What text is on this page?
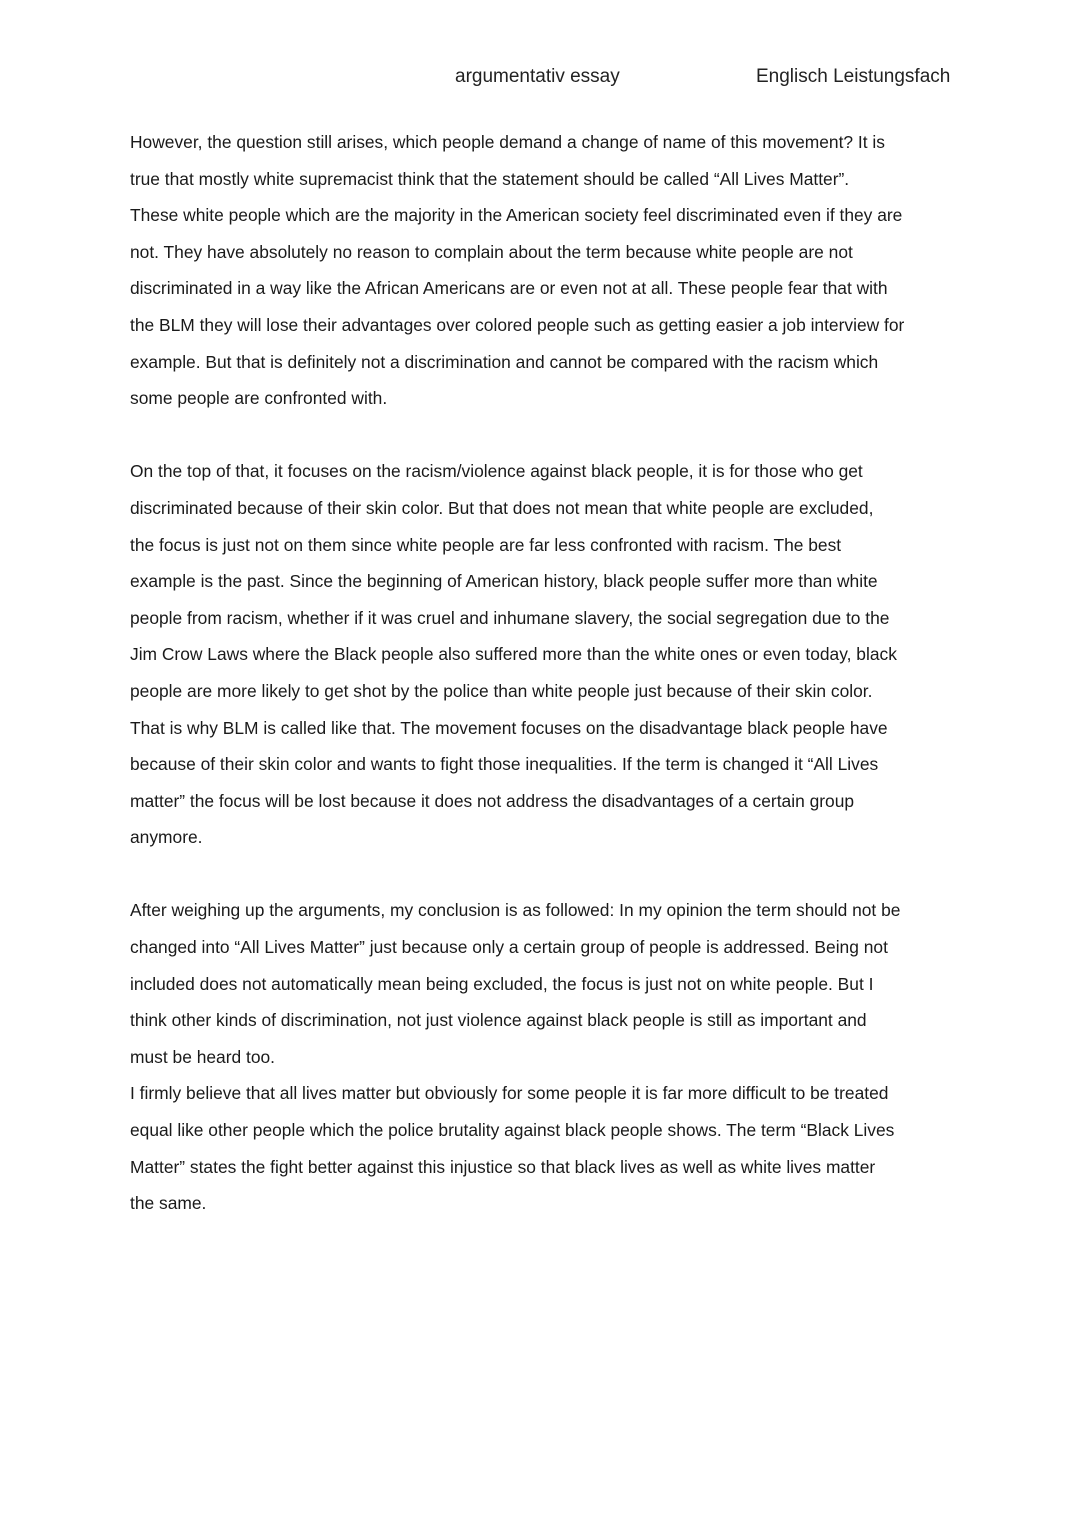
argumentativ essay	Englisch Leistungsfach
However, the question still arises, which people demand a change of name of this movement? It is
true that mostly white supremacist think that the statement should be called “All Lives Matter”.
These white people which are the majority in the American society feel discriminated even if they are
not. They have absolutely no reason to complain about the term because white people are not
discriminated in a way like the African Americans are or even not at all. These people fear that with
the BLM they will lose their advantages over colored people such as getting easier a job interview for
example. But that is definitely not a discrimination and cannot be compared with the racism which
some people are confronted with.
On the top of that, it focuses on the racism/violence against black people, it is for those who get
discriminated because of their skin color. But that does not mean that white people are excluded,
the focus is just not on them since white people are far less confronted with racism. The best
example is the past. Since the beginning of American history, black people suffer more than white
people from racism, whether if it was cruel and inhumane slavery, the social segregation due to the
Jim Crow Laws where the Black people also suffered more than the white ones or even today, black
people are more likely to get shot by the police than white people just because of their skin color.
That is why BLM is called like that. The movement focuses on the disadvantage black people have
because of their skin color and wants to fight those inequalities. If the term is changed it “All Lives
matter” the focus will be lost because it does not address the disadvantages of a certain group
anymore.
After weighing up the arguments, my conclusion is as followed: In my opinion the term should not be
changed into “All Lives Matter” just because only a certain group of people is addressed. Being not
included does not automatically mean being excluded, the focus is just not on white people. But I
think other kinds of discrimination, not just violence against black people is still as important and
must be heard too.
I firmly believe that all lives matter but obviously for some people it is far more difficult to be treated
equal like other people which the police brutality against black people shows. The term “Black Lives
Matter” states the fight better against this injustice so that black lives as well as white lives matter
the same.
